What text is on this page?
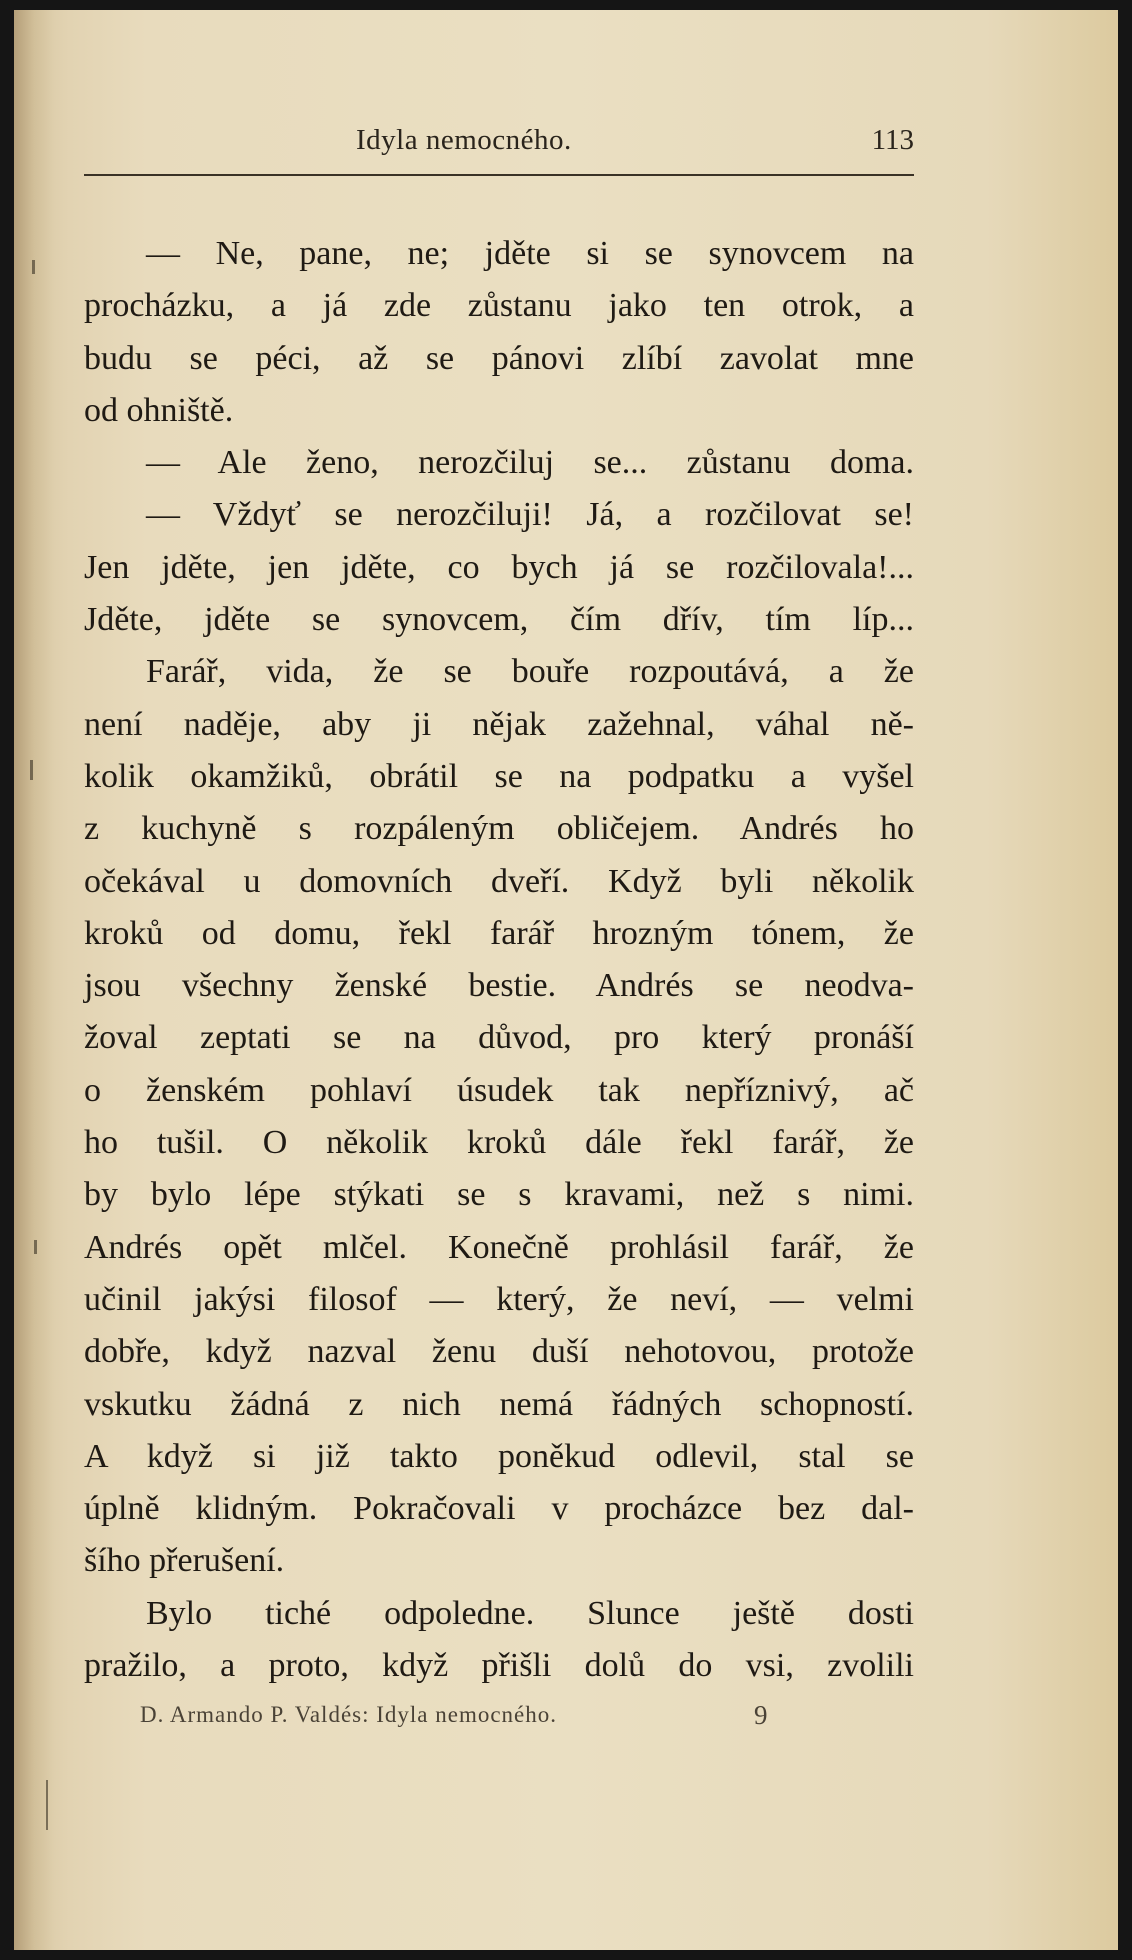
Idyla nemocného.	113
— Ne, pane, ne; jděte si se synovcem na
procházku, a já zde zůstanu jako ten otrok, a
budu se péci, až se pánovi zlíbí zavolat mne
od ohniště.
— Ale ženo, nerozčiluj se... zůstanu doma.
— Vždyť se nerozčiluji! Já, a rozčilovat se!
Jen jděte, jen jděte, co bych já se rozčilovala!...
Jděte, jděte se synovcem, čím dřív, tím líp...
Farář, vida, že se bouře rozpoutává, a že
není naděje, aby ji nějak zažehnal, váhal ně-
kolik okamžiků, obrátil se na podpatku a vyšel
z kuchyně s rozpáleným obličejem. Andrés ho
očekával u domovních dveří. Když byli několik
kroků od domu, řekl farář hrozným tónem, že
jsou všechny ženské bestie. Andrés se neodva-
žoval zeptati se na důvod, pro který pronáší
o ženském pohlaví úsudek tak nepříznivý, ač
ho tušil. O několik kroků dále řekl farář, že
by bylo lépe stýkati se s kravami, než s nimi.
Andrés opět mlčel. Konečně prohlásil farář, že
učinil jakýsi filosof — který, že neví, — velmi
dobře, když nazval ženu duší nehotovou, protože
vskutku žádná z nich nemá řádných schopností.
A když si již takto poněkud odlevil, stal se
úplně klidným. Pokračovali v procházce bez dal-
šího přerušení.
Bylo tiché odpoledne. Slunce ještě dosti
pražilo, a proto, když přišli dolů do vsi, zvolili
D. Armando P. Valdés: Idyla nemocného.	9
